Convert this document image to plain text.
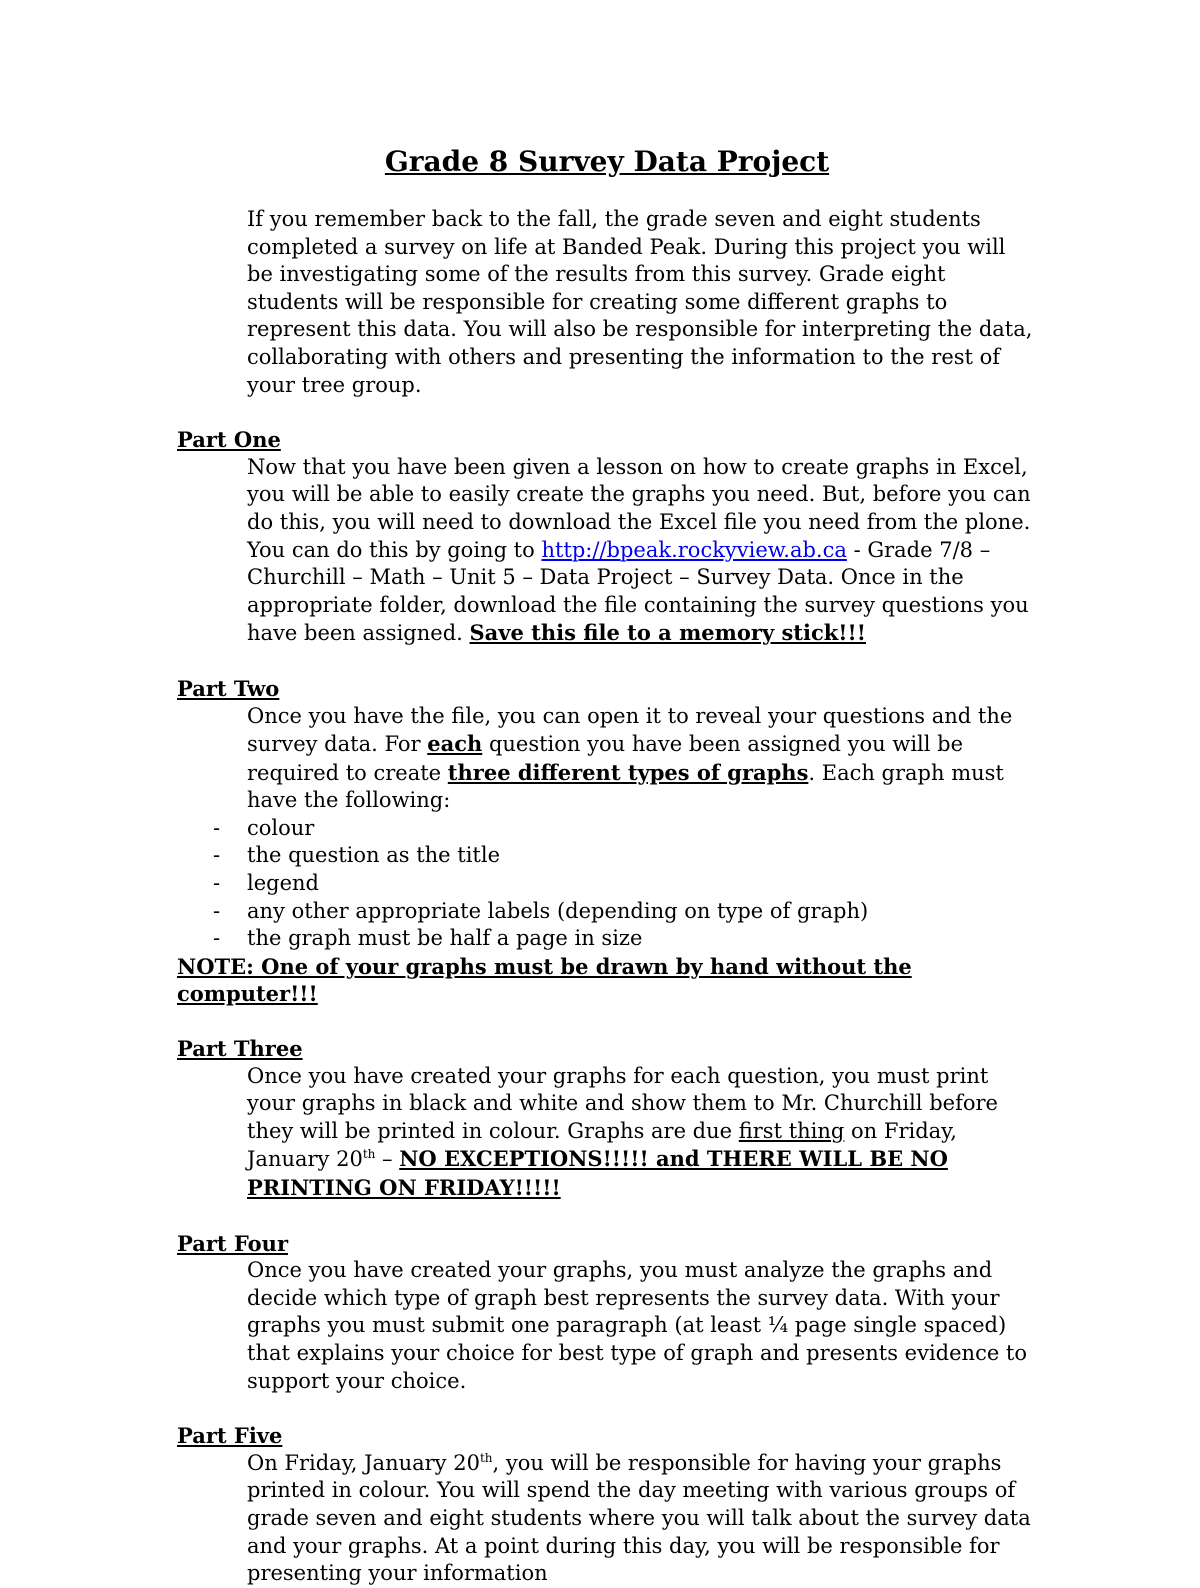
Grade 8 Survey Data Project

If you remember back to the fall, the grade seven and eight students completed a survey on life at Banded Peak. During this project you will be investigating some of the results from this survey. Grade eight students will be responsible for creating some different graphs to represent this data. You will also be responsible for interpreting the data, collaborating with others and presenting the information to the rest of your tree group.

Part One

Now that you have been given a lesson on how to create graphs in Excel, you will be able to easily create the graphs you need. But, before you can do this, you will need to download the Excel file you need from the plone. You can do this by going to http://bpeak.rockyview.ab.ca - Grade 7/8 – Churchill – Math – Unit 5 – Data Project – Survey Data. Once in the appropriate folder, download the file containing the survey questions you have been assigned. Save this file to a memory stick!!!

Part Two

Once you have the file, you can open it to reveal your questions and the survey data. For each question you have been assigned you will be required to create three different types of graphs. Each graph must have the following:

- colour
- the question as the title
- legend
- any other appropriate labels (depending on type of graph)
- the graph must be half a page in size
NOTE: One of your graphs must be drawn by hand without the computer!!!
Part Three

Once you have created your graphs for each question, you must print your graphs in black and white and show them to Mr. Churchill before they will be printed in colour. Graphs are due first thing on Friday, January 20th – NO EXCEPTIONS!!!!! and THERE WILL BE NO PRINTING ON FRIDAY!!!!!

Part Four

Once you have created your graphs, you must analyze the graphs and decide which type of graph best represents the survey data. With your graphs you must submit one paragraph (at least ¼ page single spaced) that explains your choice for best type of graph and presents evidence to support your choice.

Part Five

On Friday, January 20th, you will be responsible for having your graphs printed in colour. You will spend the day meeting with various groups of grade seven and eight students where you will talk about the survey data and your graphs. At a point during this day, you will be responsible for presenting your information
